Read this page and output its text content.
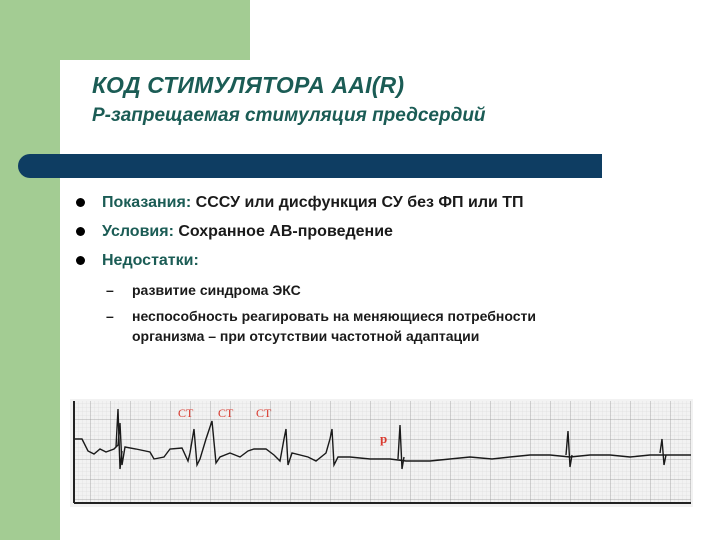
КОД СТИМУЛЯТОРА AAI(R)
Р-запрещаемая стимуляция предсердий
Показания: СССУ или дисфункция СУ без ФП или ТП
Условия: Сохранное АВ-проведение
Недостатки:
– развитие синдрома ЭКС
– неспособность реагировать на меняющиеся потребности организма – при отсутствии частотной адаптации
СТ СТ СТ
р
